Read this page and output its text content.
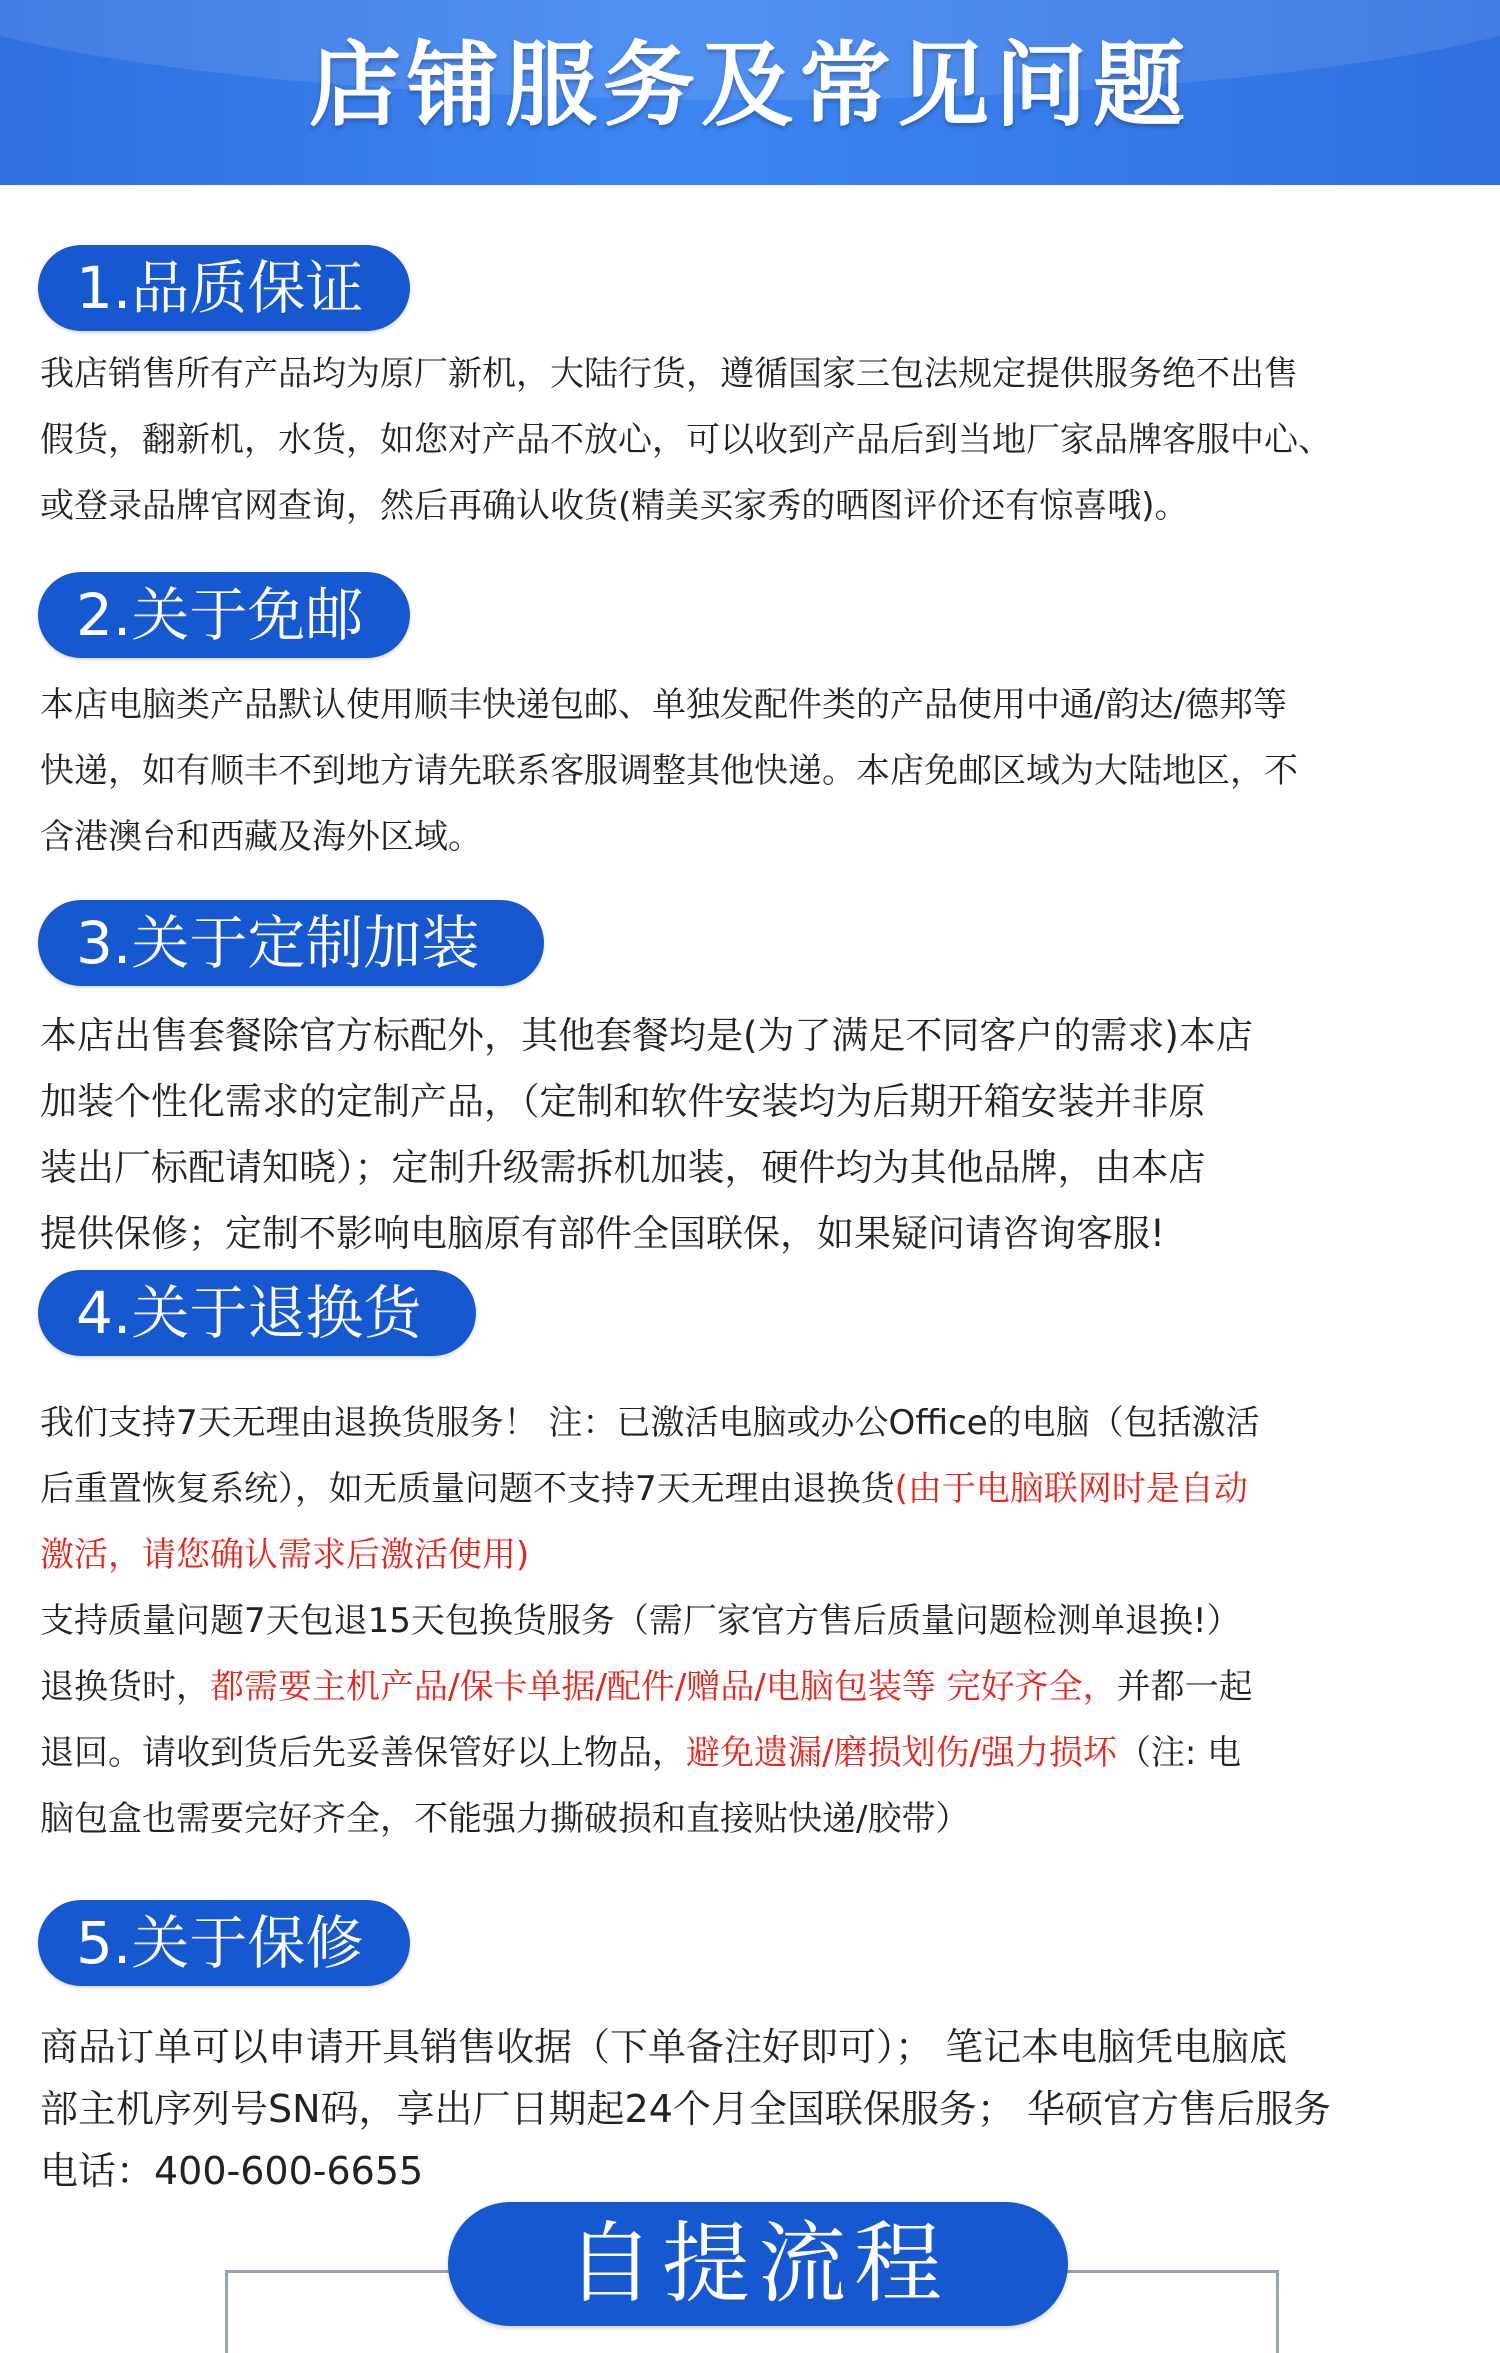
店铺服务及常见问题
1.品质保证
我店销售所有产品均为原厂新机，大陆行货，遵循国家三包法规定提供服务绝不出售
假货，翻新机，水货，如您对产品不放心，可以收到产品后到当地厂家品牌客服中心、
或登录品牌官网查询，然后再确认收货(精美买家秀的晒图评价还有惊喜哦)。
2.关于免邮
本店电脑类产品默认使用顺丰快递包邮、单独发配件类的产品使用中通/韵达/德邦等
快递，如有顺丰不到地方请先联系客服调整其他快递。本店免邮区域为大陆地区，不
含港澳台和西藏及海外区域。
3.关于定制加装
本店出售套餐除官方标配外，其他套餐均是(为了满足不同客户的需求)本店
加装个性化需求的定制产品，（定制和软件安装均为后期开箱安装并非原
装出厂标配请知晓）；定制升级需拆机加装，硬件均为其他品牌，由本店
提供保修；定制不影响电脑原有部件全国联保，如果疑问请咨询客服!
4.关于退换货
我们支持7天无理由退换货服务！ 注：已激活电脑或办公Office的电脑（包括激活
后重置恢复系统），如无质量问题不支持7天无理由退换货(由于电脑联网时是自动
激活，请您确认需求后激活使用)
支持质量问题7天包退15天包换货服务（需厂家官方售后质量问题检测单退换!）
退换货时，都需要主机产品/保卡单据/配件/赠品/电脑包装等 完好齐全，并都一起
退回。请收到货后先妥善保管好以上物品，避免遗漏/磨损划伤/强力损坏（注: 电
脑包盒也需要完好齐全，不能强力撕破损和直接贴快递/胶带）
5.关于保修
商品订单可以申请开具销售收据（下单备注好即可）； 笔记本电脑凭电脑底
部主机序列号SN码，享出厂日期起24个月全国联保服务； 华硕官方售后服务
电话：400-600-6655
自提流程
